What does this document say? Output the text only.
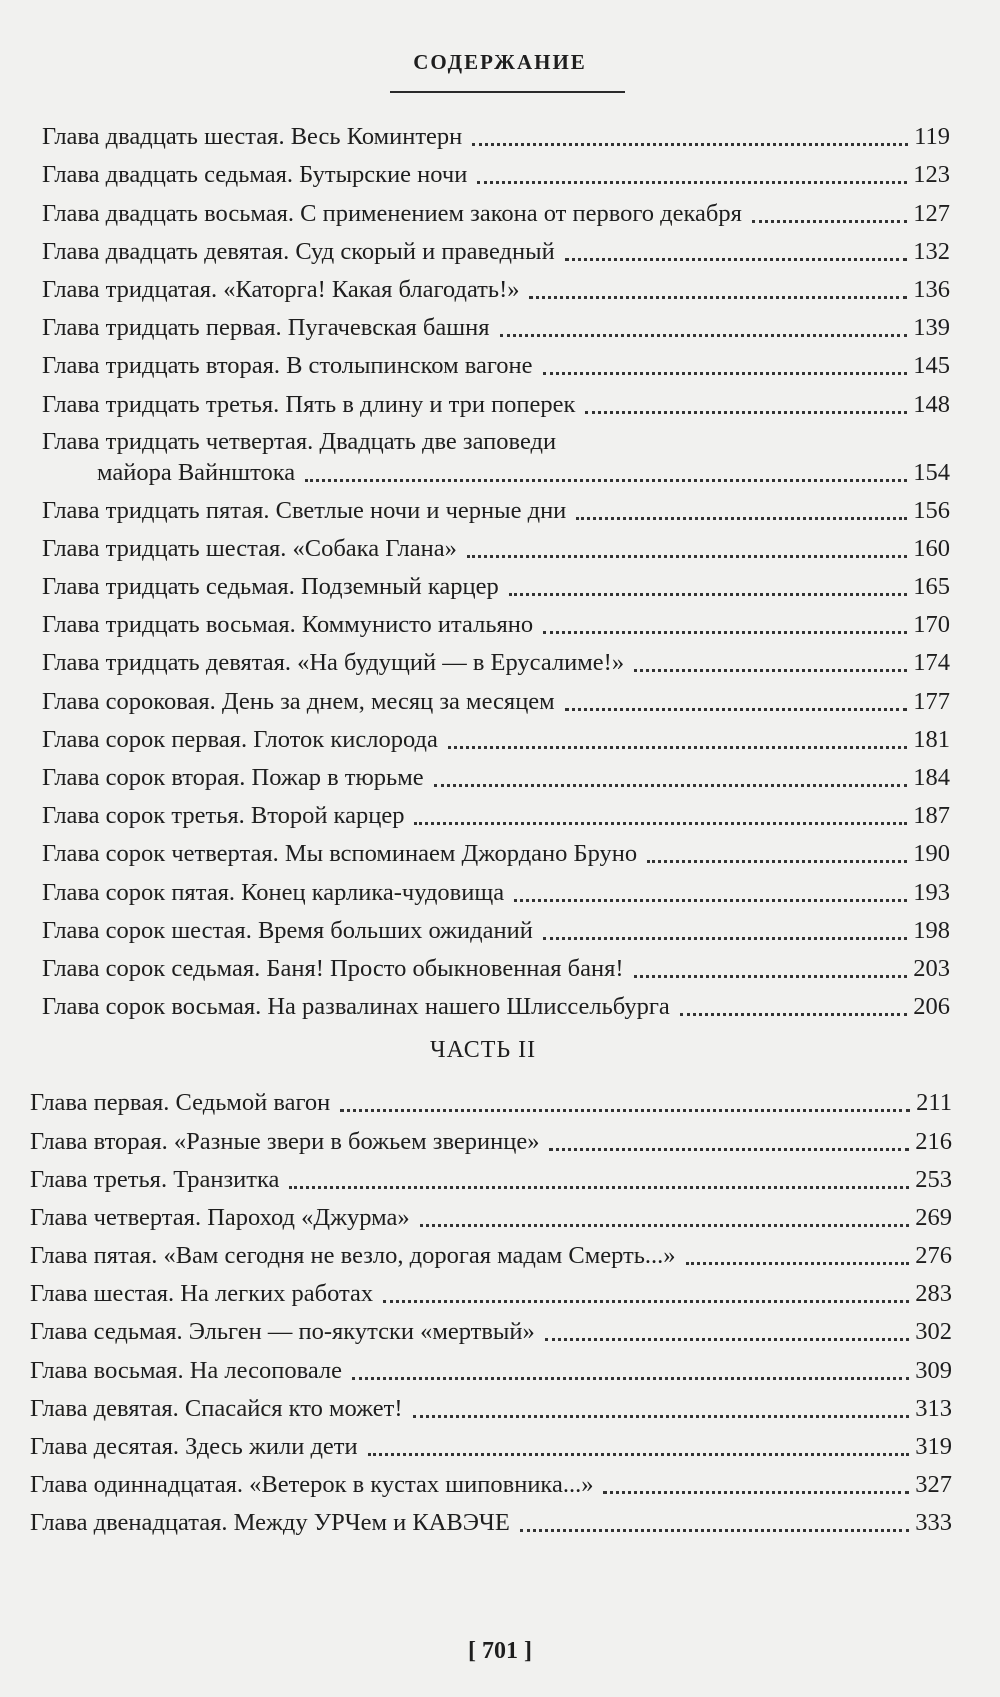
СОДЕРЖАНИЕ
Глава двадцать шестая. Весь Коминтерн	119
Глава двадцать седьмая. Бутырские ночи	123
Глава двадцать восьмая. С применением закона от первого декабря	127
Глава двадцать девятая. Суд скорый и праведный	132
Глава тридцатая. «Каторга! Какая благодать!»	136
Глава тридцать первая. Пугачевская башня	139
Глава тридцать вторая. В столыпинском вагоне	145
Глава тридцать третья. Пять в длину и три поперек	148
Глава тридцать четвертая. Двадцать две заповеди
майора Вайнштока	154
Глава тридцать пятая. Светлые ночи и черные дни	156
Глава тридцать шестая. «Собака Глана»	160
Глава тридцать седьмая. Подземный карцер	165
Глава тридцать восьмая. Коммунисто итальяно	170
Глава тридцать девятая. «На будущий — в Ерусалиме!»	174
Глава сороковая. День за днем, месяц за месяцем	177
Глава сорок первая. Глоток кислорода	181
Глава сорок вторая. Пожар в тюрьме	184
Глава сорок третья. Второй карцер	187
Глава сорок четвертая. Мы вспоминаем Джордано Бруно	190
Глава сорок пятая. Конец карлика-чудовища	193
Глава сорок шестая. Время больших ожиданий	198
Глава сорок седьмая. Баня! Просто обыкновенная баня!	203
Глава сорок восьмая. На развалинах нашего Шлиссельбурга	206
ЧАСТЬ II
Глава первая. Седьмой вагон	211
Глава вторая. «Разные звери в божьем зверинце»	216
Глава третья. Транзитка	253
Глава четвертая. Пароход «Джурма»	269
Глава пятая. «Вам сегодня не везло, дорогая мадам Смерть...»	276
Глава шестая. На легких работах	283
Глава седьмая. Эльген — по-якутски «мертвый»	302
Глава восьмая. На лесоповале	309
Глава девятая. Спасайся кто может!	313
Глава десятая. Здесь жили дети	319
Глава одиннадцатая. «Ветерок в кустах шиповника...»	327
Глава двенадцатая. Между УРЧем и КАВЭЧЕ	333
[ 701 ]
